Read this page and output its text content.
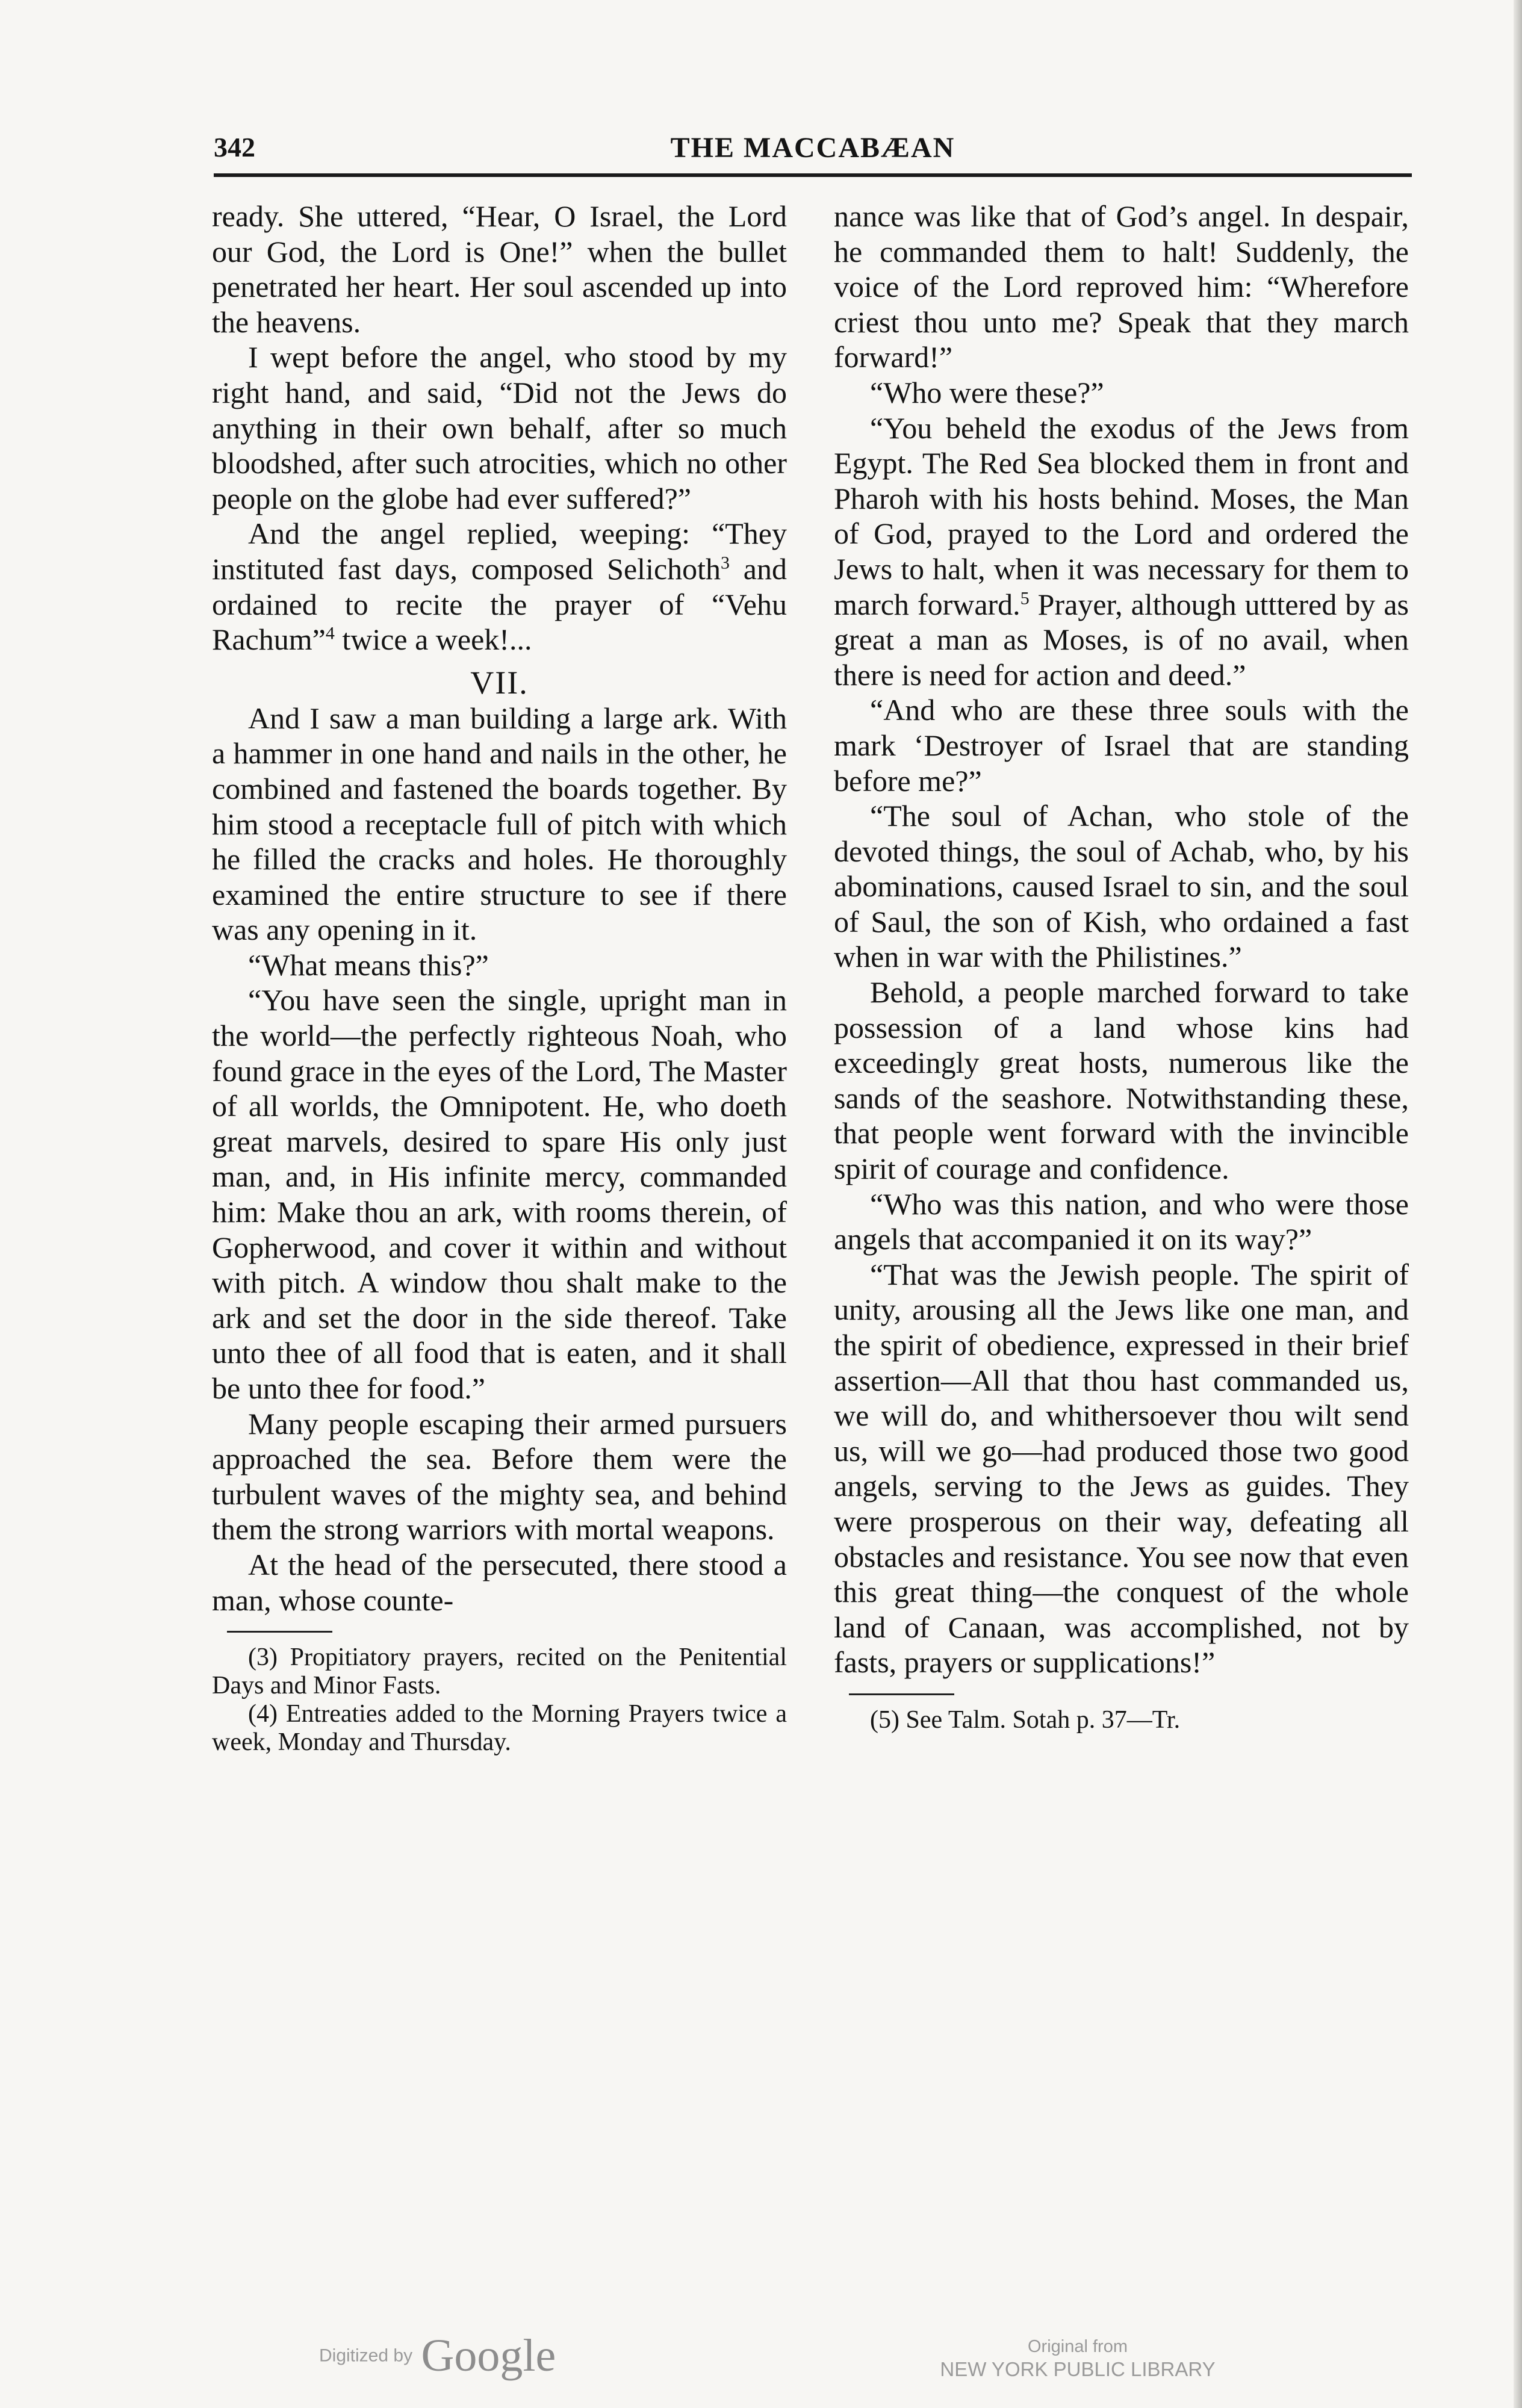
342	THE MACCABÆAN

ready. She uttered, “Hear, O Israel, the Lord our God, the Lord is One!” when the bullet penetrated her heart. Her soul ascended up into the heavens.

I wept before the angel, who stood by my right hand, and said, “Did not the Jews do anything in their own behalf, after so much bloodshed, after such atrocities, which no other people on the globe had ever suffered?”

And the angel replied, weeping: “They instituted fast days, composed Selichoth$^3$ and ordained to recite the prayer of “Vehu Rachum”$^4$ twice a week!...

VII.

And I saw a man building a large ark. With a hammer in one hand and nails in the other, he combined and fastened the boards together. By him stood a receptacle full of pitch with which he filled the cracks and holes. He thoroughly examined the entire structure to see if there was any opening in it.

“What means this?”

“You have seen the single, upright man in the world—the perfectly righteous Noah, who found grace in the eyes of the Lord, The Master of all worlds, the Omnipotent. He, who doeth great marvels, desired to spare His only just man, and, in His infinite mercy, commanded him: Make thou an ark, with rooms therein, of Gopherwood, and cover it within and without with pitch. A window thou shalt make to the ark and set the door in the side thereof. Take unto thee of all food that is eaten, and it shall be unto thee for food.”

Many people escaping their armed pursuers approached the sea. Before them were the turbulent waves of the mighty sea, and behind them the strong warriors with mortal weapons.

At the head of the persecuted, there stood a man, whose counte-

(3) Propitiatory prayers, recited on the Penitential Days and Minor Fasts.

(4) Entreaties added to the Morning Prayers twice a week, Monday and Thursday.

nance was like that of God’s angel. In despair, he commanded them to halt! Suddenly, the voice of the Lord reproved him: “Wherefore criest thou unto me? Speak that they march forward!”

“Who were these?”

“You beheld the exodus of the Jews from Egypt. The Red Sea blocked them in front and Pharoh with his hosts behind. Moses, the Man of God, prayed to the Lord and ordered the Jews to halt, when it was necessary for them to march forward.$^5$ Prayer, although utttered by as great a man as Moses, is of no avail, when there is need for action and deed.”

“And who are these three souls with the mark ‘Destroyer of Israel that are standing before me?”

“The soul of Achan, who stole of the devoted things, the soul of Achab, who, by his abominations, caused Israel to sin, and the soul of Saul, the son of Kish, who ordained a fast when in war with the Philistines.”

Behold, a people marched forward to take possession of a land whose kins had exceedingly great hosts, numerous like the sands of the seashore. Notwithstanding these, that people went forward with the invincible spirit of courage and confidence.

“Who was this nation, and who were those angels that accompanied it on its way?”

“That was the Jewish people. The spirit of unity, arousing all the Jews like one man, and the spirit of obedience, expressed in their brief assertion—All that thou hast commanded us, we will do, and whithersoever thou wilt send us, will we go—had produced those two good angels, serving to the Jews as guides. They were prosperous on their way, defeating all obstacles and resistance. You see now that even this great thing—the conquest of the whole land of Canaan, was accomplished, not by fasts, prayers or supplications!”

(5) See Talm. Sotah p. 37—Tr.

Digitized by Google	Original from
NEW YORK PUBLIC LIBRARY
